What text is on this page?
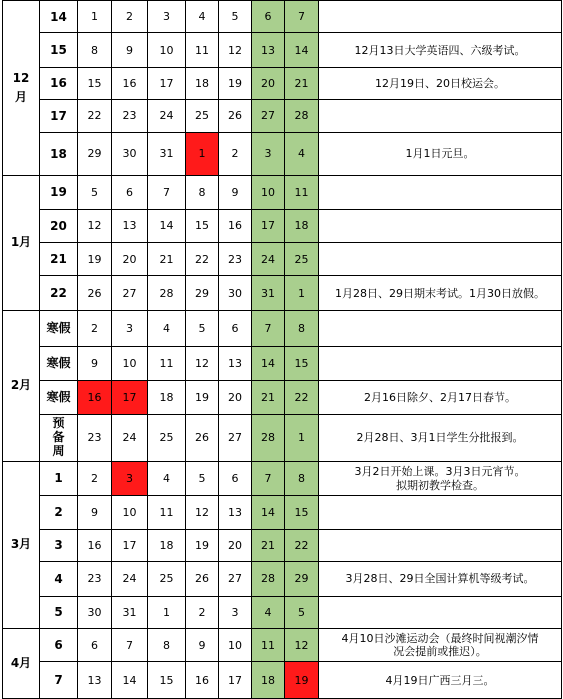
12
月	14	1	2	3	4	5	6	7	
	15	8	9	10	11	12	13	14	12月13日大学英语四、六级考试。

	16	15	16	17	18	19	20	21	12月19日、20日校运会。

	17	22	23	24	25	26	27	28	
	18	29	30	31	1	2	3	4	1月1日元旦。

1月	19	5	6	7	8	9	10	11	
	20	12	13	14	15	16	17	18	
	21	19	20	21	22	23	24	25	
	22	26	27	28	29	30	31	1	1月28日、29日期末考试。1月30日放假。

2月	寒假	2	3	4	5	6	7	8	
	寒假	9	10	11	12	13	14	15	
	寒假	16	17	18	19	20	21	22	2月16日除夕、2月17日春节。

	预备周	23	24	25	26	27	28	1	2月28日、3月1日学生分批报到。

3月	1	2	3	4	5	6	7	8	3月2日开始上课。3月3日元宵节。
拟期初教学检查。

	2	9	10	11	12	13	14	15	
	3	16	17	18	19	20	21	22	
	4	23	24	25	26	27	28	29	3月28日、29日全国计算机等级考试。

	5	30	31	1	2	3	4	5	

4月	6	6	7	8	9	10	11	12	4月10日沙滩运动会（最终时间视潮汐情
况会提前或推迟）。

	7	13	14	15	16	17	18	19	4月19日广西三月三。
